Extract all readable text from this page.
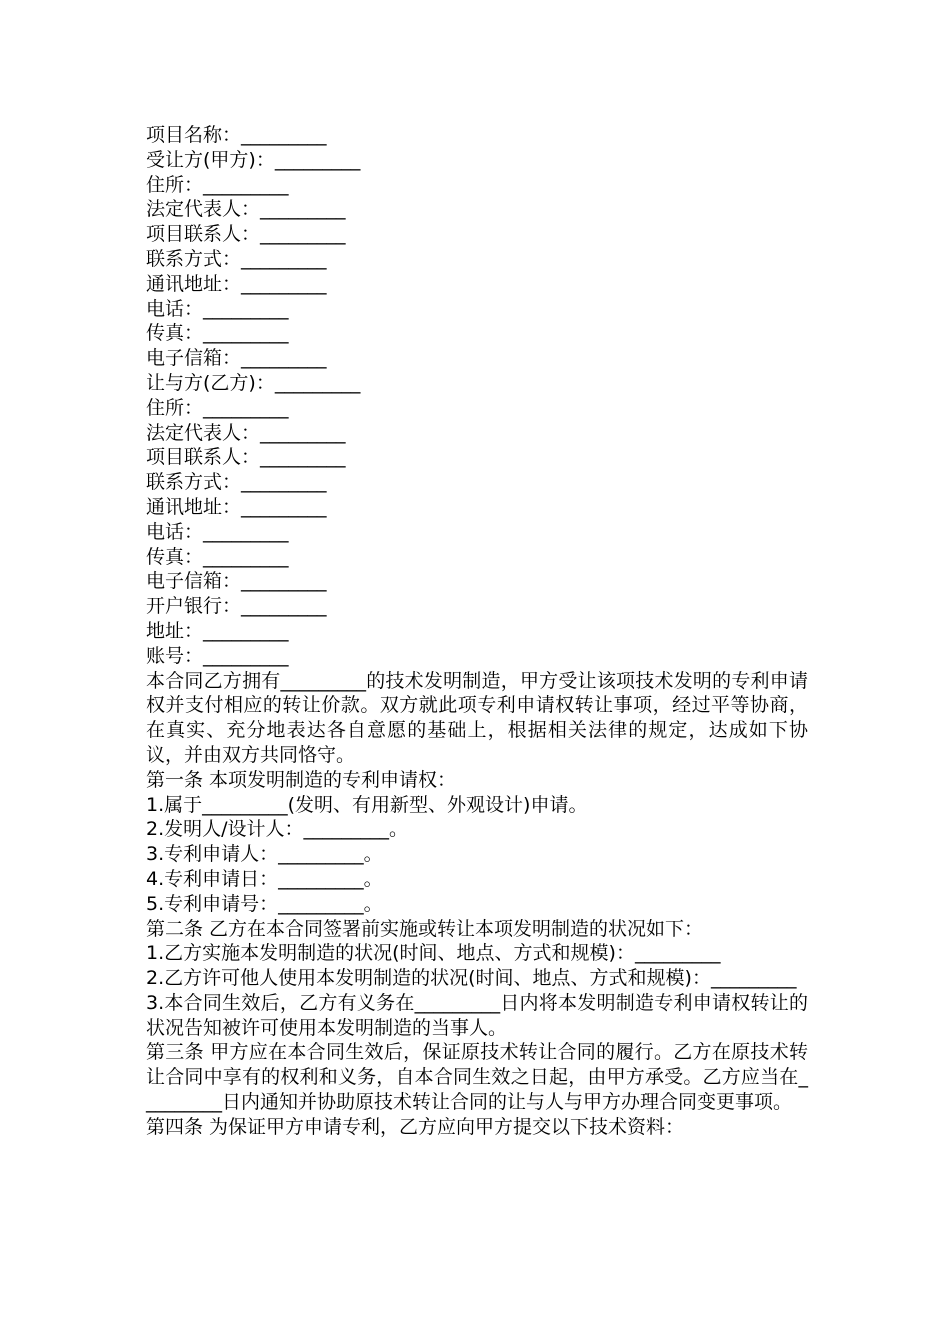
项目名称：_________
受让方(甲方)：_________
住所：_________
法定代表人：_________
项目联系人：_________
联系方式：_________
通讯地址：_________
电话：_________
传真：_________
电子信箱：_________
让与方(乙方)：_________
住所：_________
法定代表人：_________
项目联系人：_________
联系方式：_________
通讯地址：_________
电话：_________
传真：_________
电子信箱：_________
开户银行：_________
地址：_________
账号：_________
本合同乙方拥有_________的技术发明制造，甲方受让该项技术发明的专利申请权并支付相应的转让价款。双方就此项专利申请权转让事项，经过平等协商，在真实、充分地表达各自意愿的基础上，根据相关法律的规定，达成如下协议，并由双方共同恪守。
第一条 本项发明制造的专利申请权：
1.属于_________(发明、有用新型、外观设计)申请。
2.发明人/设计人：_________。
3.专利申请人：_________。
4.专利申请日：_________。
5.专利申请号：_________。
第二条 乙方在本合同签署前实施或转让本项发明制造的状况如下：
1.乙方实施本发明制造的状况(时间、地点、方式和规模)：_________
2.乙方许可他人使用本发明制造的状况(时间、地点、方式和规模)：_________
3.本合同生效后，乙方有义务在_________日内将本发明制造专利申请权转让的状况告知被许可使用本发明制造的当事人。
第三条 甲方应在本合同生效后，保证原技术转让合同的履行。乙方在原技术转让合同中享有的权利和义务，自本合同生效之日起，由甲方承受。乙方应当在_________日内通知并协助原技术转让合同的让与人与甲方办理合同变更事项。
第四条 为保证甲方申请专利，乙方应向甲方提交以下技术资料：
